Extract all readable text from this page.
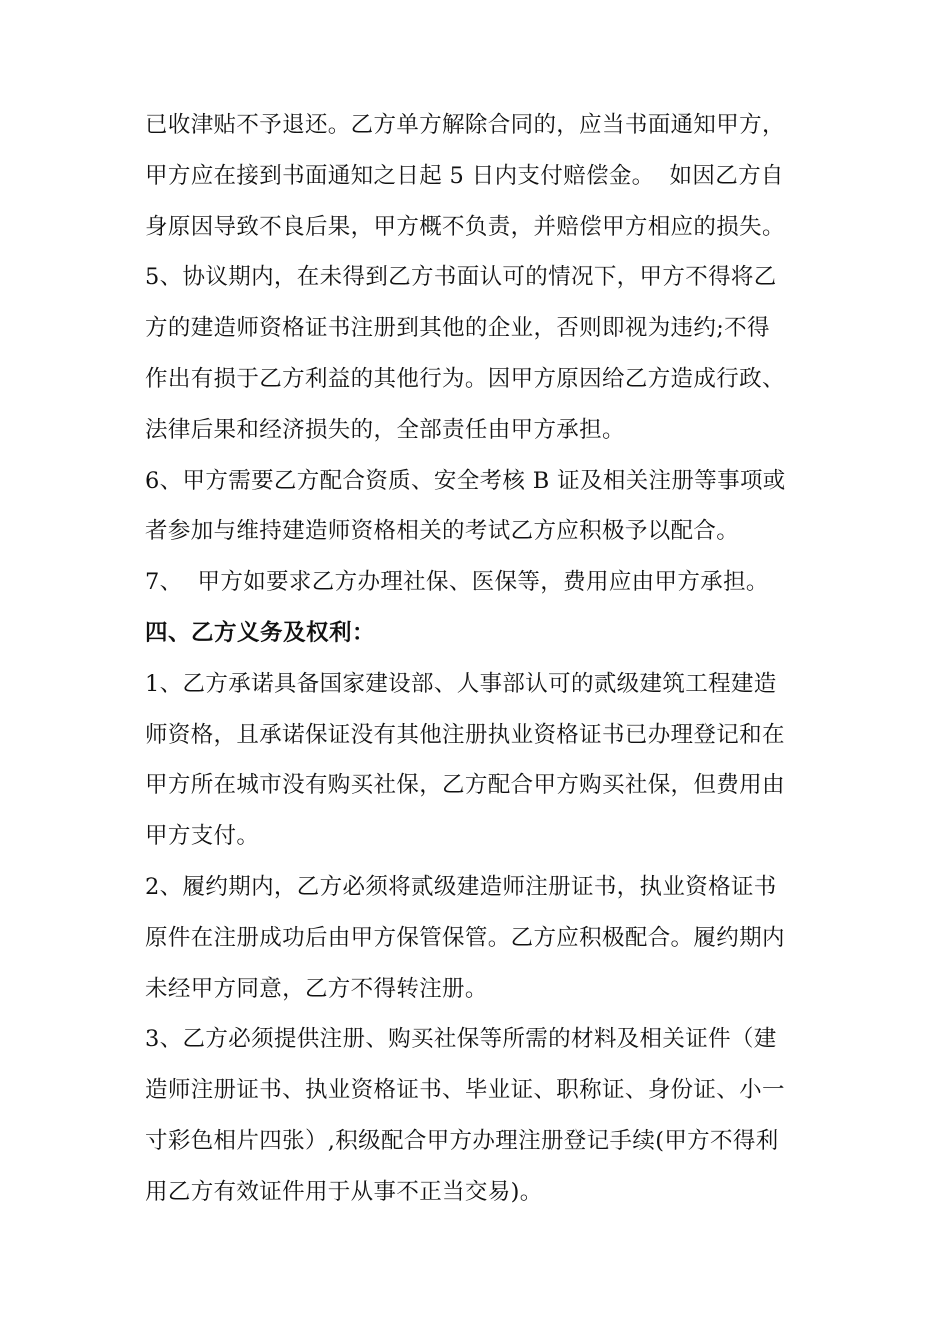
已收津贴不予退还。乙方单方解除合同的，应当书面通知甲方，
甲方应在接到书面通知之日起 5 日内支付赔偿金。  如因乙方自
身原因导致不良后果，甲方概不负责，并赔偿甲方相应的损失。
5、协议期内，在未得到乙方书面认可的情况下，甲方不得将乙
方的建造师资格证书注册到其他的企业，否则即视为违约;不得
作出有损于乙方利益的其他行为。因甲方原因给乙方造成行政、
法律后果和经济损失的，全部责任由甲方承担。
6、甲方需要乙方配合资质、安全考核 B 证及相关注册等事项或
者参加与维持建造师资格相关的考试乙方应积极予以配合。
7、  甲方如要求乙方办理社保、医保等，费用应由甲方承担。
四、乙方义务及权利：
1、乙方承诺具备国家建设部、人事部认可的贰级建筑工程建造
师资格，且承诺保证没有其他注册执业资格证书已办理登记和在
甲方所在城市没有购买社保，乙方配合甲方购买社保，但费用由
甲方支付。
2、履约期内，乙方必须将贰级建造师注册证书，执业资格证书
原件在注册成功后由甲方保管保管。乙方应积极配合。履约期内
未经甲方同意，乙方不得转注册。
3、乙方必须提供注册、购买社保等所需的材料及相关证件（建
造师注册证书、执业资格证书、毕业证、职称证、身份证、小一
寸彩色相片四张）,积级配合甲方办理注册登记手续(甲方不得利
用乙方有效证件用于从事不正当交易)。
